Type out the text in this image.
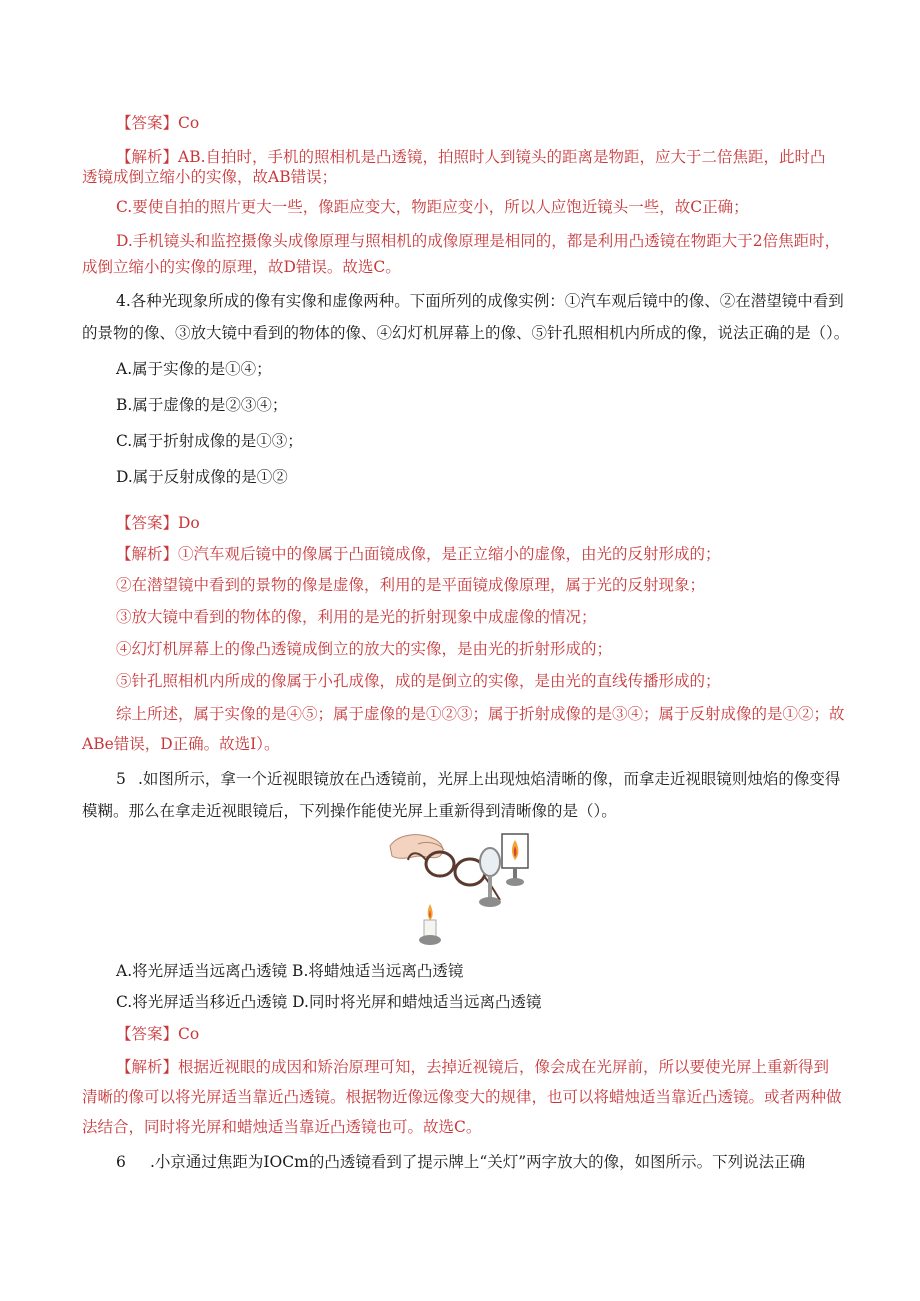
【答案】Co
【解析】AB.自拍时，手机的照相机是凸透镜，拍照时人到镜头的距离是物距，应大于二倍焦距，此时凸
透镜成倒立缩小的实像，故AB错误；
C.要使自拍的照片更大一些，像距应变大，物距应变小，所以人应饱近镜头一些，故C正确；
D.手机镜头和监控摄像头成像原理与照相机的成像原理是相同的，都是利用凸透镜在物距大于2倍焦距时，
成倒立缩小的实像的原理，故D错误。故选C。
4.各种光现象所成的像有实像和虚像两种。下面所列的成像实例：①汽车观后镜中的像、②在潜望镜中看到
的景物的像、③放大镜中看到的物体的像、④幻灯机屏幕上的像、⑤针孔照相机内所成的像，说法正确的是（）。
A.属于实像的是①④；
B.属于虚像的是②③④；
C.属于折射成像的是①③；
D.属于反射成像的是①②
【答案】Do
【解析】①汽车观后镜中的像属于凸面镜成像，是正立缩小的虚像，由光的反射形成的；
②在潜望镜中看到的景物的像是虚像，利用的是平面镜成像原理，属于光的反射现象；
③放大镜中看到的物体的像，利用的是光的折射现象中成虚像的情况；
④幻灯机屏幕上的像凸透镜成倒立的放大的实像，是由光的折射形成的；
⑤针孔照相机内所成的像属于小孔成像，成的是倒立的实像，是由光的直线传播形成的；
综上所述，属于实像的是④⑤；属于虚像的是①②③；属于折射成像的是③④；属于反射成像的是①②；故
ABe错误，D正确。故选I）。
5 .如图所示，拿一个近视眼镜放在凸透镜前，光屏上出现烛焰清晰的像，而拿走近视眼镜则烛焰的像变得
模糊。那么在拿走近视眼镜后，下列操作能使光屏上重新得到清晰像的是（）。
A.将光屏适当远离凸透镜 B.将蜡烛适当远离凸透镜
C.将光屏适当移近凸透镜 D.同时将光屏和蜡烛适当远离凸透镜
【答案】Co
【解析】根据近视眼的成因和矫治原理可知，去掉近视镜后，像会成在光屏前，所以要使光屏上重新得到
清晰的像可以将光屏适当靠近凸透镜。根据物近像远像变大的规律，也可以将蜡烛适当靠近凸透镜。或者两种做
法结合，同时将光屏和蜡烛适当靠近凸透镜也可。故选C。
6 .小京通过焦距为IOCm的凸透镜看到了提示牌上“关灯”两字放大的像，如图所示。下列说法正确
